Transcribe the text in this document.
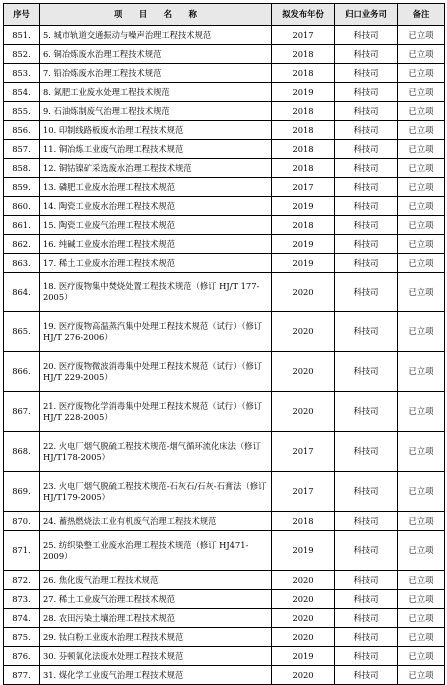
序号	项　　目　　名　　称	拟发布年份	归口业务司	备注
851.	5. 城市轨道交通振动与噪声治理工程技术规范	2017	科技司	已立项
852.	6. 铜冶炼废水治理工程技术规范	2018	科技司	已立项
853.	7. 铅冶炼废水治理工程技术规范	2018	科技司	已立项
854.	8. 氮肥工业废水处理工程技术规范	2019	科技司	已立项
855.	9. 石油炼制废气治理工程技术规范	2018	科技司	已立项
856.	10. 印制线路板废水治理工程技术规范	2018	科技司	已立项
857.	11. 铜冶炼工业废气治理工程技术规范	2018	科技司	已立项
858.	12. 铜钴镍矿采选废水治理工程技术规范	2018	科技司	已立项
859.	13. 磷肥工业废水治理工程技术规范	2017	科技司	已立项
860.	14. 陶瓷工业废水治理工程技术规范	2019	科技司	已立项
861.	15. 陶瓷工业废气治理工程技术规范	2018	科技司	已立项
862.	16. 纯碱工业废水治理工程技术规范	2019	科技司	已立项
863.	17. 稀土工业废水治理工程技术规范	2019	科技司	已立项
864.	18. 医疗废物集中焚烧处置工程技术规范（修订 HJ/T 177-2005）	2020	科技司	已立项
865.	19. 医疗废物高温蒸汽集中处理工程技术规范（试行）（修订 HJ/T 276-2006）	2020	科技司	已立项
866.	20. 医疗废物微波消毒集中处理工程技术规范（试行）（修订 HJ/T 229-2005）	2020	科技司	已立项
867.	21. 医疗废物化学消毒集中处理工程技术规范（试行）（修订 HJ/T 228-2005）	2020	科技司	已立项
868.	22. 火电厂烟气脱硫工程技术规范-烟气循环流化床法（修订 HJ/T178-2005）	2017	科技司	已立项
869.	23. 火电厂烟气脱硫工程技术规范-石灰石/石灰-石膏法（修订 HJ/T179-2005）	2017	科技司	已立项
870.	24. 蓄热燃烧法工业有机废气治理工程技术规范	2018	科技司	已立项
871.	25. 纺织染整工业废水治理工程技术规范（修订 HJ471-2009）	2019	科技司	已立项
872.	26. 焦化废气治理工程技术规范	2020	科技司	已立项
873.	27. 稀土工业废气治理工程技术规范	2020	科技司	已立项
874.	28. 农田污染土壤治理工程技术规范	2020	科技司	已立项
875.	29. 钛白粉工业废水治理工程技术规范	2020	科技司	已立项
876.	30. 芬顿氧化法废水处理工程技术规范	2019	科技司	已立项
877.	31. 煤化学工业废气治理工程技术规范	2020	科技司	已立项
